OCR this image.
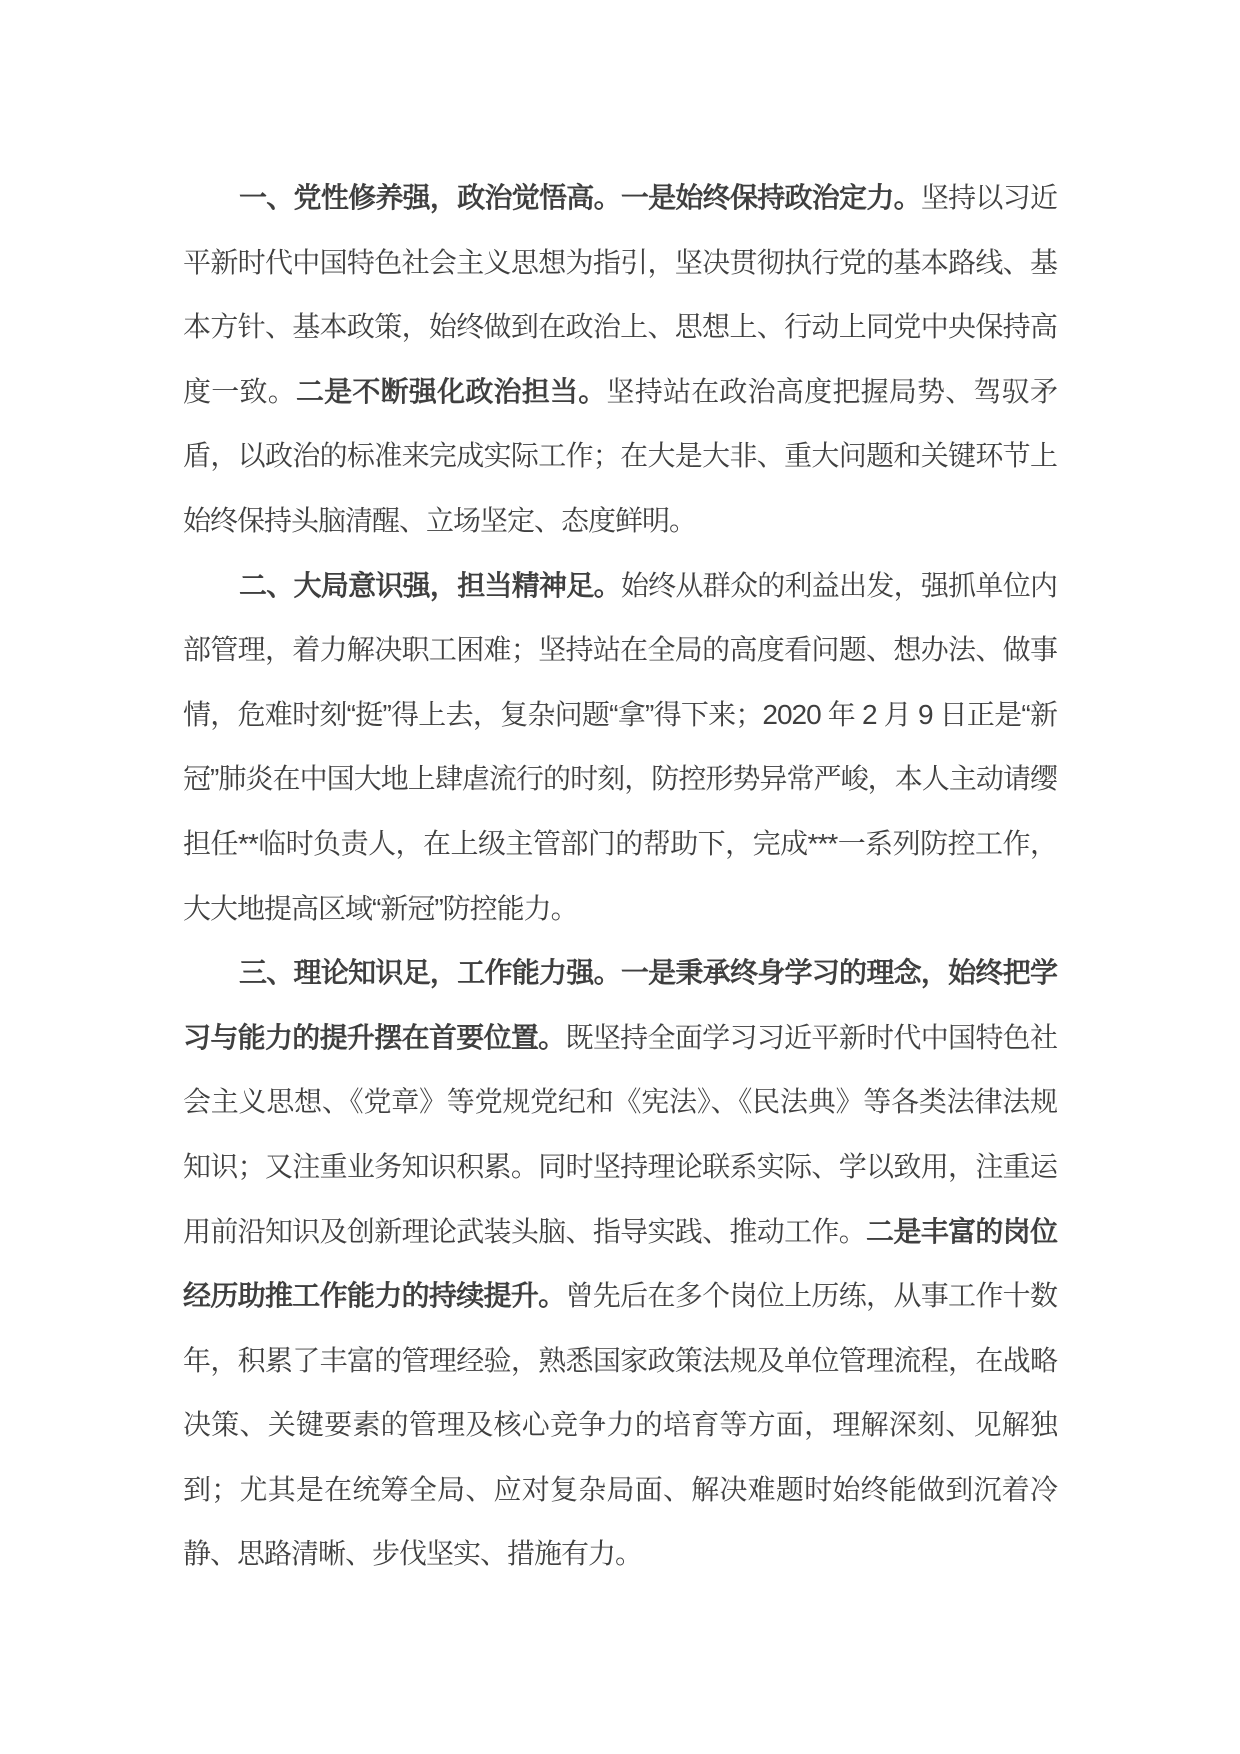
一、党性修养强，政治觉悟高。一是始终保持政治定力。坚持以习近平新时代中国特色社会主义思想为指引，坚决贯彻执行党的基本路线、基本方针、基本政策，始终做到在政治上、思想上、行动上同党中央保持高度一致。二是不断强化政治担当。坚持站在政治高度把握局势、驾驭矛盾，以政治的标准来完成实际工作；在大是大非、重大问题和关键环节上始终保持头脑清醒、立场坚定、态度鲜明。

二、大局意识强，担当精神足。始终从群众的利益出发，强抓单位内部管理，着力解决职工困难；坚持站在全局的高度看问题、想办法、做事情，危难时刻“挺”得上去，复杂问题“拿”得下来；2020 年 2 月 9 日正是“新冠”肺炎在中国大地上肆虐流行的时刻，防控形势异常严峻，本人主动请缨担任**临时负责人，在上级主管部门的帮助下，完成***一系列防控工作，大大地提高区域“新冠”防控能力。

三、理论知识足，工作能力强。一是秉承终身学习的理念，始终把学习与能力的提升摆在首要位置。既坚持全面学习习近平新时代中国特色社会主义思想、《党章》等党规党纪和《宪法》、《民法典》等各类法律法规知识；又注重业务知识积累。同时坚持理论联系实际、学以致用，注重运用前沿知识及创新理论武装头脑、指导实践、推动工作。二是丰富的岗位经历助推工作能力的持续提升。曾先后在多个岗位上历练，从事工作十数年，积累了丰富的管理经验，熟悉国家政策法规及单位管理流程，在战略决策、关键要素的管理及核心竞争力的培育等方面，理解深刻、见解独到；尤其是在统筹全局、应对复杂局面、解决难题时始终能做到沉着冷静、思路清晰、步伐坚实、措施有力。
